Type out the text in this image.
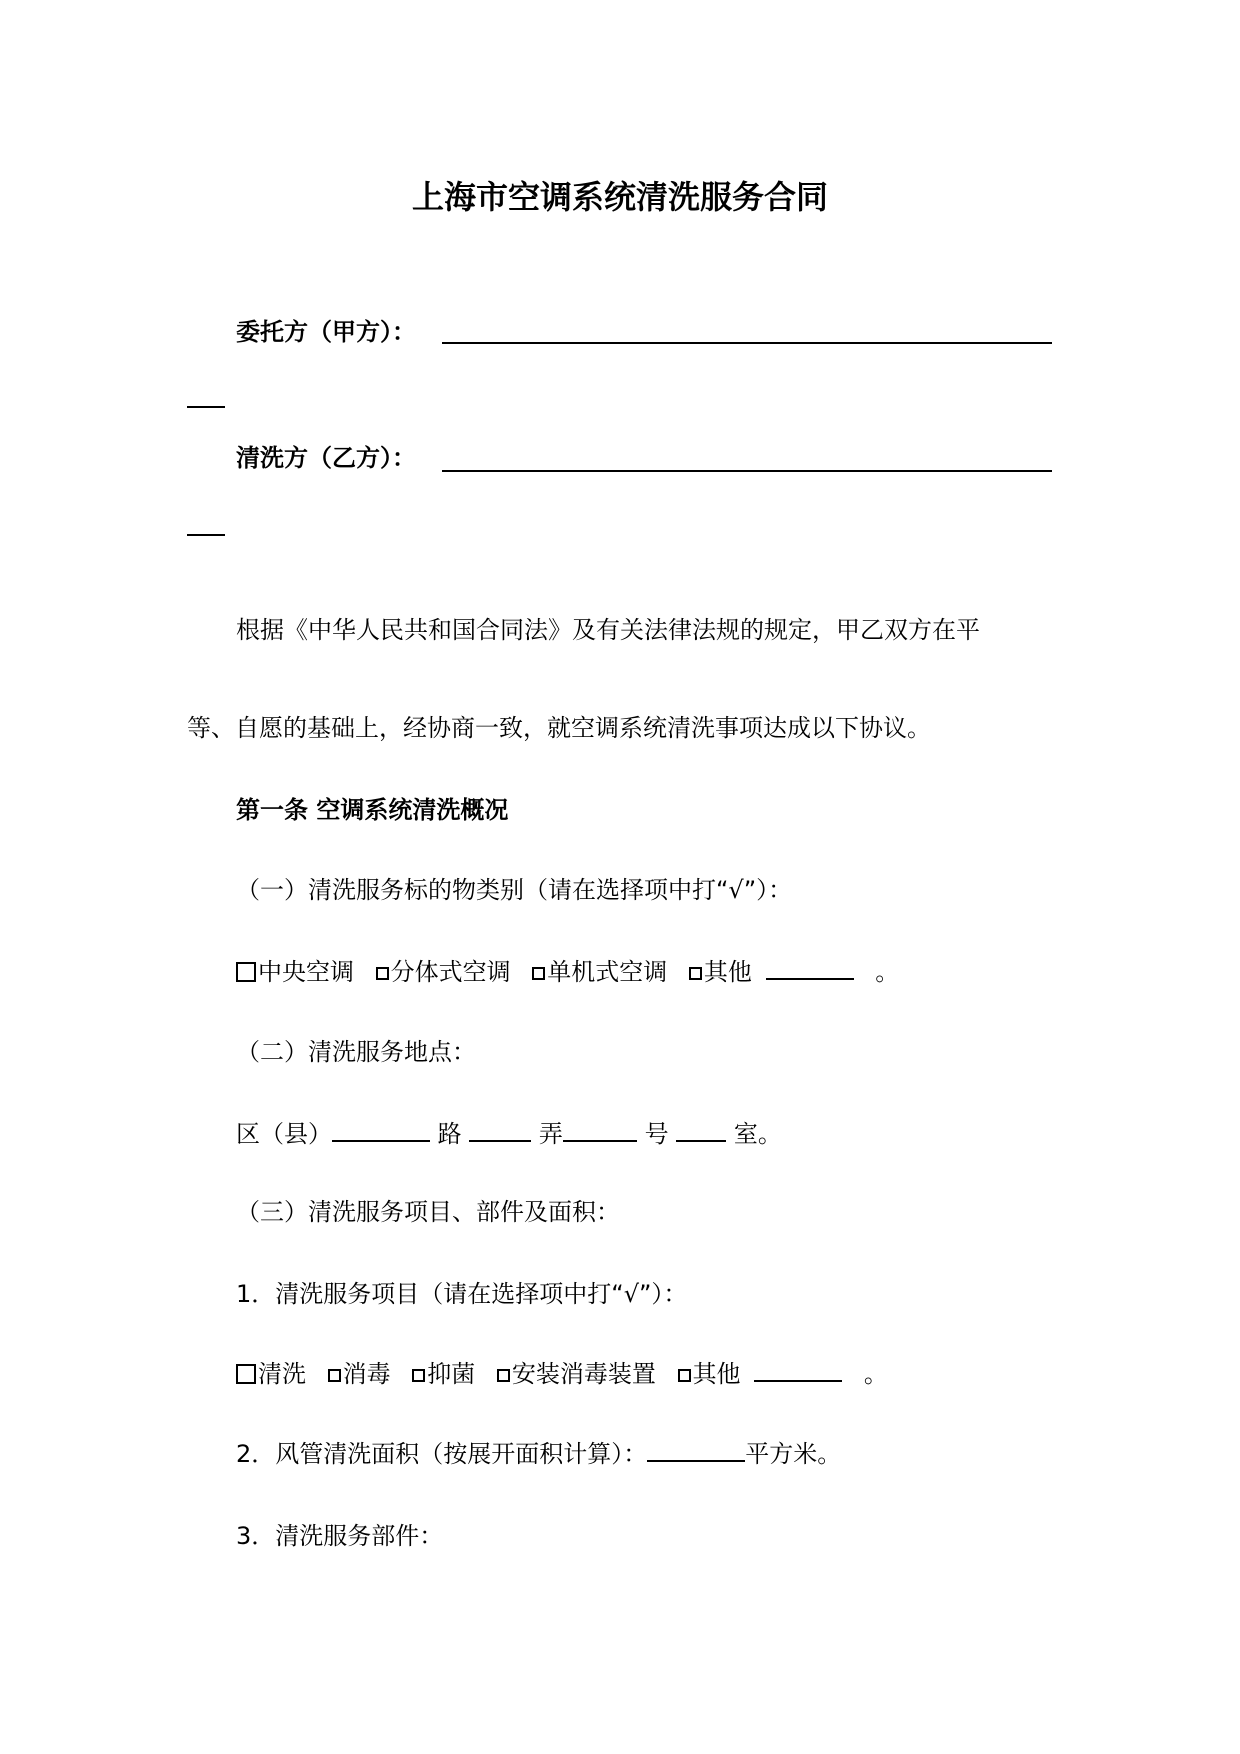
上海市空调系统清洗服务合同
委托方（甲方）：
清洗方（乙方）：
根据《中华人民共和国合同法》及有关法律法规的规定，甲乙双方在平
等、自愿的基础上，经协商一致，就空调系统清洗事项达成以下协议。
第一条 空调系统清洗概况
（一）清洗服务标的物类别（请在选择项中打“√”）：
中央空调 分体式空调 单机式空调 其他	。
（二）清洗服务地点：
区（县）	路	弄	号	室。
（三）清洗服务项目、部件及面积：
1．清洗服务项目（请在选择项中打“√”）：
清洗 消毒 抑菌 安装消毒装置 其他	。
2．风管清洗面积（按展开面积计算）：	平方米。
3．清洗服务部件：
